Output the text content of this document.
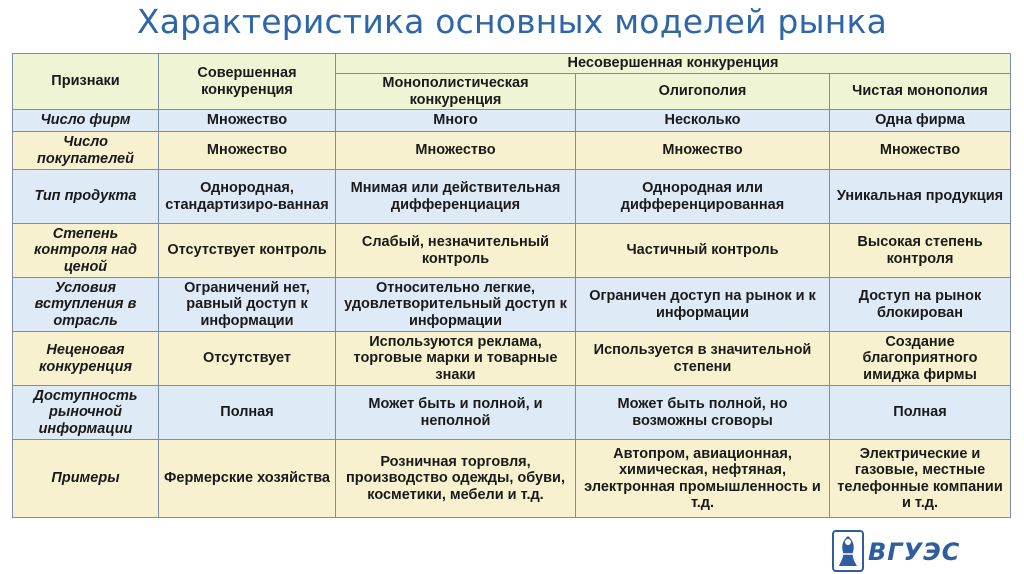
Характеристика основных моделей рынка
Признаки	Совершенная конкуренция	Несовершенная конкуренция		
		Монополистическая конкуренция	Олигополия	Чистая монополия
Число фирм	Множество	Много	Несколько	Одна фирма
Число покупателей	Множество	Множество	Множество	Множество
Тип продукта	Однородная, стандартизиро-ванная	Мнимая или действительная дифференциация	Однородная или дифференцированная	Уникальная продукция
Степень контроля над ценой	Отсутствует контроль	Слабый, незначительный контроль	Частичный контроль	Высокая степень контроля
Условия вступления в отрасль	Ограничений нет, равный доступ к информации	Относительно легкие, удовлетворительный доступ к информации	Ограничен доступ на рынок и к информации	Доступ на рынок блокирован
Неценовая конкуренция	Отсутствует	Используются реклама, торговые марки и товарные знаки	Используется в значительной степени	Создание благоприятного имиджа фирмы
Доступность рыночной информации	Полная	Может быть и полной, и неполной	Может быть полной, но возможны сговоры	Полная
Примеры	Фермерские хозяйства	Розничная торговля, производство одежды, обуви, косметики, мебели и т.д.	Автопром, авиационная, химическая, нефтяная, электронная промышленность и т.д.	Электрические и газовые, местные телефонные компании и т.д.
ВГУЭС
